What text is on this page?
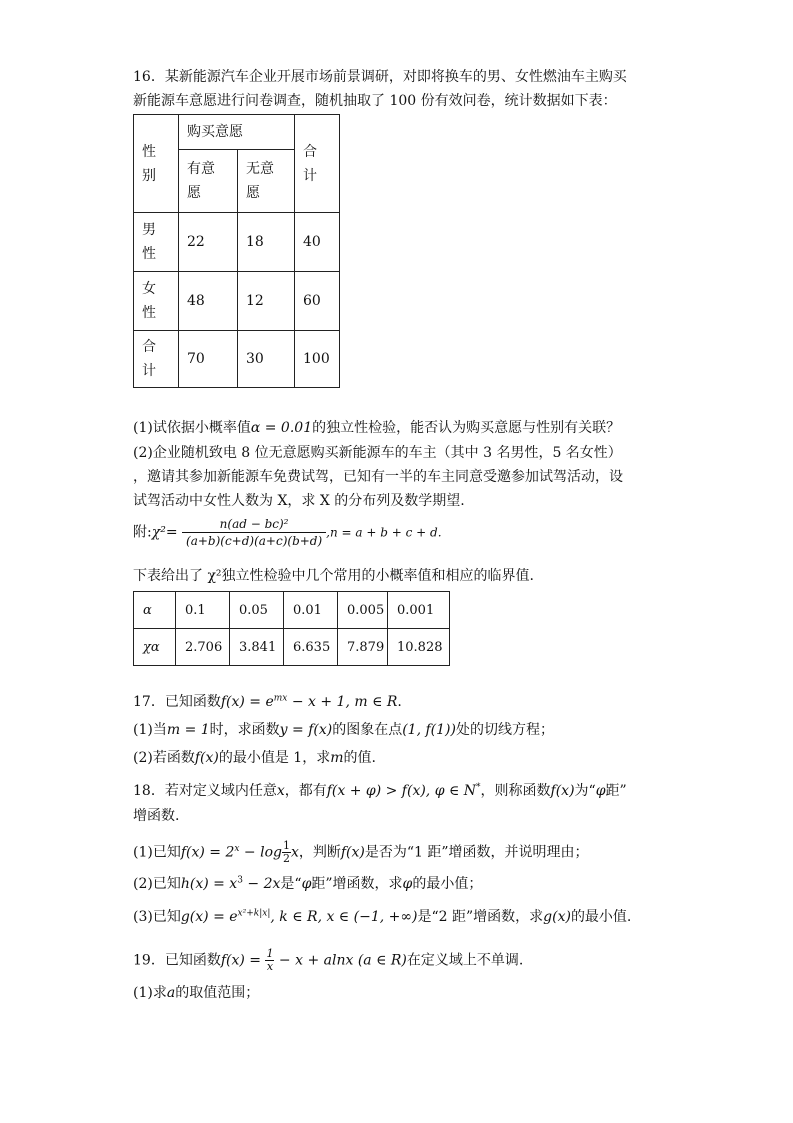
16．某新能源汽车企业开展市场前景调研，对即将换车的男、女性燃油车主购买
新能源车意愿进行问卷调查，随机抽取了 100 份有效问卷，统计数据如下表：
性
别	购买意愿		合
计
	有意
愿	无意
愿	
男
性	22	18	40
女
性	48	12	60
合
计	70	30	100
(1)试依据小概率值α = 0.01的独立性检验，能否认为购买意愿与性别有关联？
(2)企业随机致电 8 位无意愿购买新能源车的车主（其中 3 名男性，5 名女性）
，邀请其参加新能源车免费试驾，已知有一半的车主同意受邀参加试驾活动，设
试驾活动中女性人数为 X，求 X 的分布列及数学期望.
附:χ²= $\frac{\text{n(ad − bc)²}}{(a+b)(c+d)(a+c)(b+d)} ,n = a + b + c + d$.
下表给出了 χ²独立性检验中几个常用的小概率值和相应的临界值.
α	0.1	0.05	0.01	0.005	0.001
χα	2.706	3.841	6.635	7.879	10.828
17．已知函数$f(x) = e^{mx} - x + 1$, m ∈ R.
(1)当m = 1时，求函数y = f(x)的图象在点(1, f(1))处的切线方程；
(2)若函数f(x)的最小值是 1，求m的值.
18．若对定义域内任意x，都有f(x + φ) > f(x), φ ∈ N*，则称函数f(x)为“φ距”
增函数.
(1)已知$f(x) = 2^x - \log \frac{1}{2}$ x，判断f(x)是否为“1 距”增函数，并说明理由；
(2)已知$h(x) = x^3 - 2x$是“φ距”增函数，求φ的最小值；
(3)已知$g(x) = e^{x^2+k|x|}$, k ∈ R, x ∈ (−1, +∞)是“2 距”增函数，求g(x)的最小值.
19．已知函数$f(x) = \frac{1}{x} - x + alnx$ (a ∈ R)在定义域上不单调.
(1)求a的取值范围；
